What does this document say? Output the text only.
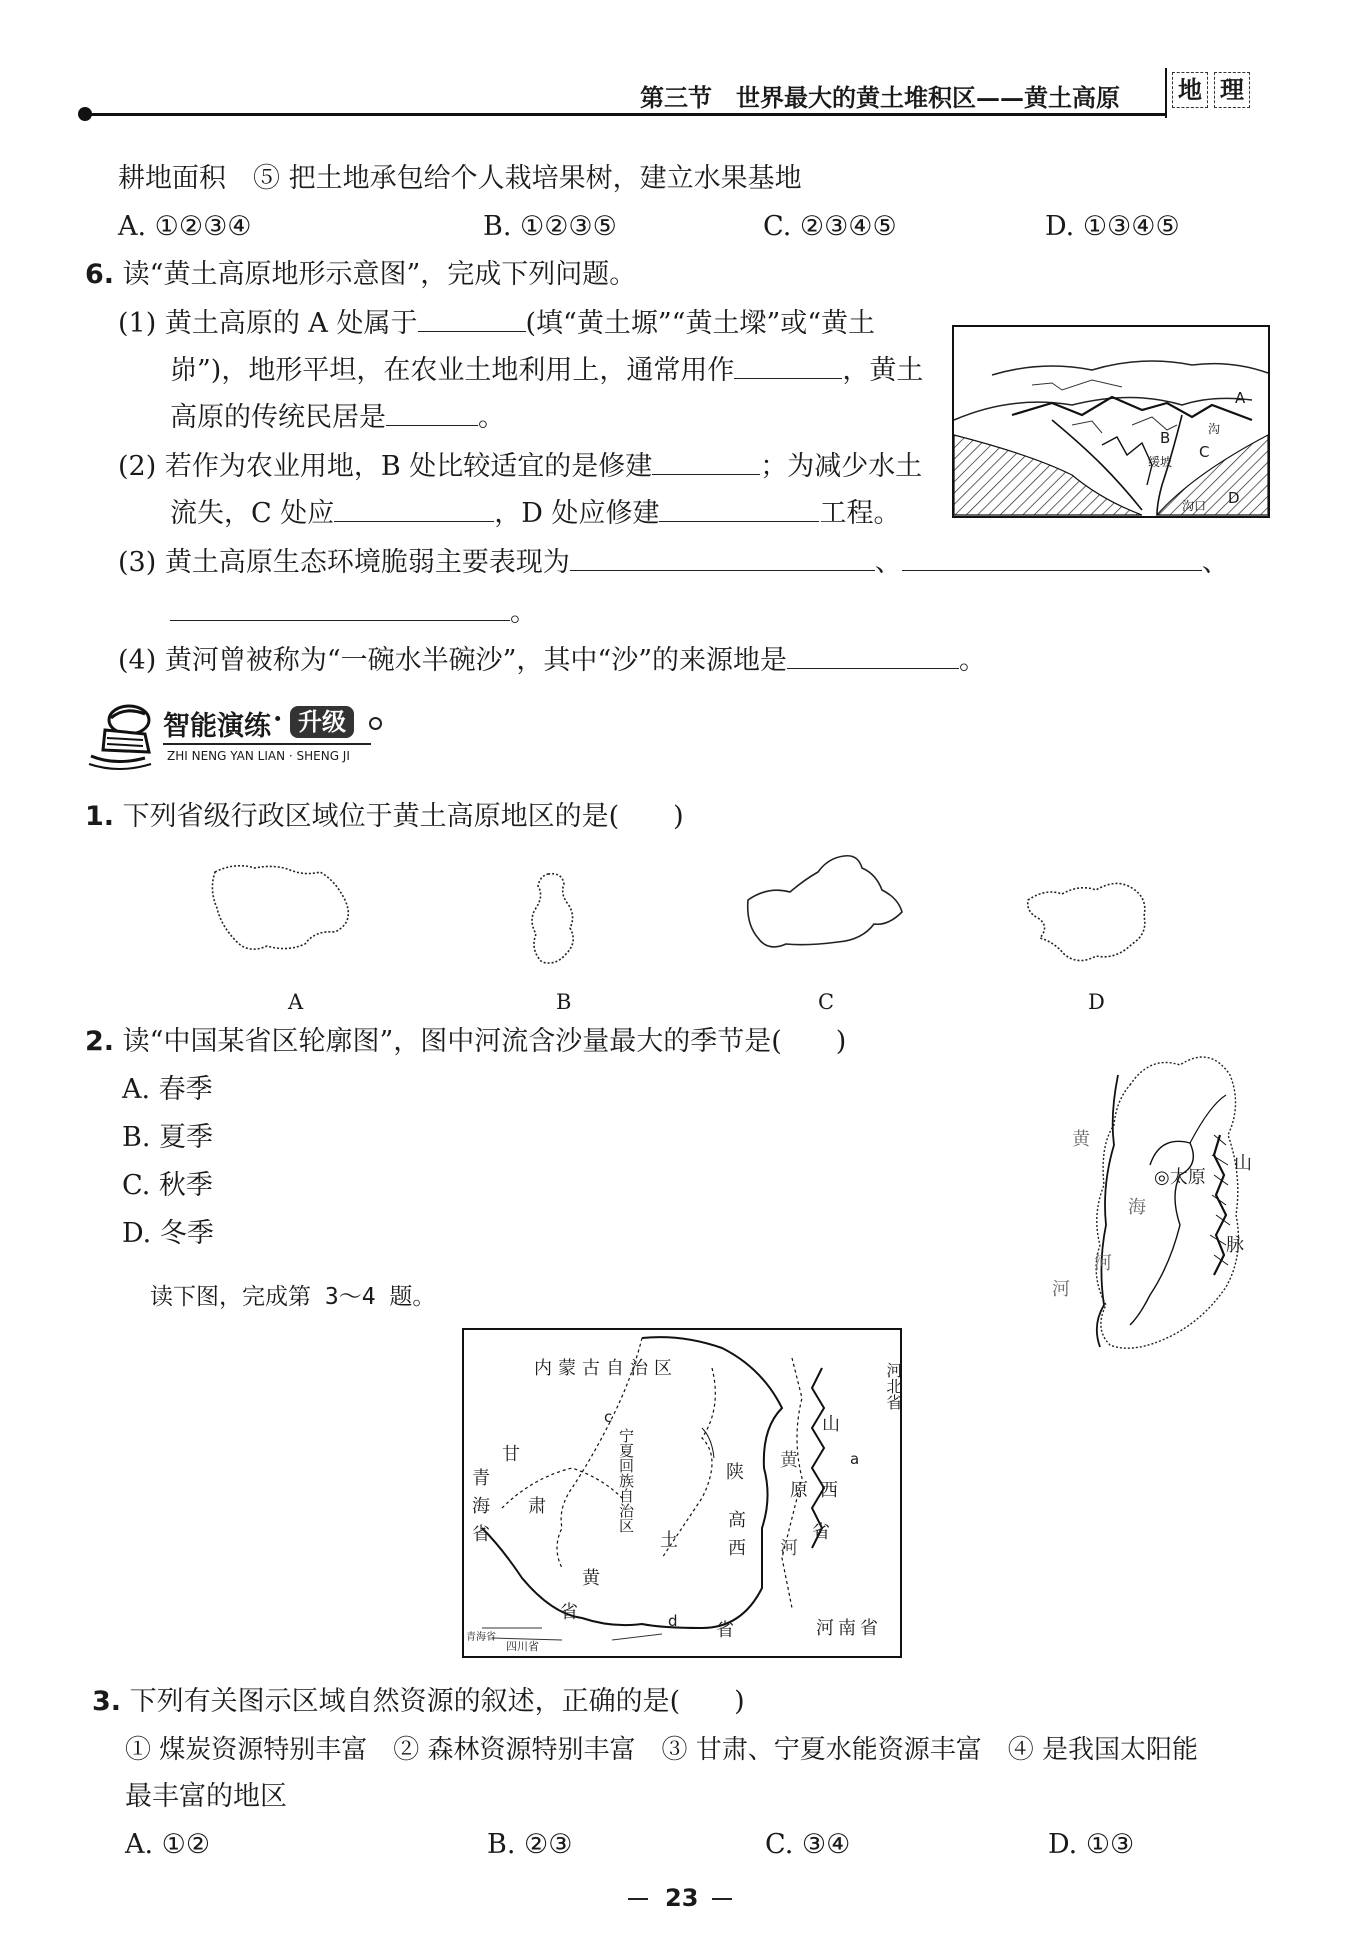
第三节　世界最大的黄土堆积区——黄土高原 地 理
耕地面积　⑤ 把土地承包给个人栽培果树，建立水果基地
A. ①②③④	B. ①②③⑤	C. ②③④⑤	D. ①③④⑤
6. 读“黄土高原地形示意图”，完成下列问题。
(1) 黄土高原的 A 处属于	(填“黄土塬”“黄土墚”或“黄土
峁”)，地形平坦，在农业土地利用上，通常用作	，黄土
高原的传统民居是	。
(2) 若作为农业用地，B 处比较适宜的是修建	；为减少水土
流失，C 处应	，D 处应修建	工程。
(3) 黄土高原生态环境脆弱主要表现为	、	、
。
(4) 黄河曾被称为“一碗水半碗沙”，其中“沙”的来源地是	。
A
B
C
D
沟
缓坡
沟口
智能演练 · 升级
ZHI NENG YAN LIAN · SHENG JI
1. 下列省级行政区域位于黄土高原地区的是(　　)
A	B	C	D
2. 读“中国某省区轮廓图”，图中河流含沙量最大的季节是(　　)
A. 春季
B. 夏季
C. 秋季
D. 冬季
黄
河
河
海
◎太原
山
脉
读下图，完成第 3～4 题。
内蒙古自治区	河北省
甘
肃
青
海
省
宁夏回族自治区	陕
高
西
土
黄
省
省
山
原 西
省
黄
河
河南省
四川省
青海省
a
c
d
3. 下列有关图示区域自然资源的叙述，正确的是(　　)
① 煤炭资源特别丰富　② 森林资源特别丰富　③ 甘肃、宁夏水能资源丰富　④ 是我国太阳能
最丰富的地区
A. ①②	B. ②③	C. ③④	D. ①③
23
